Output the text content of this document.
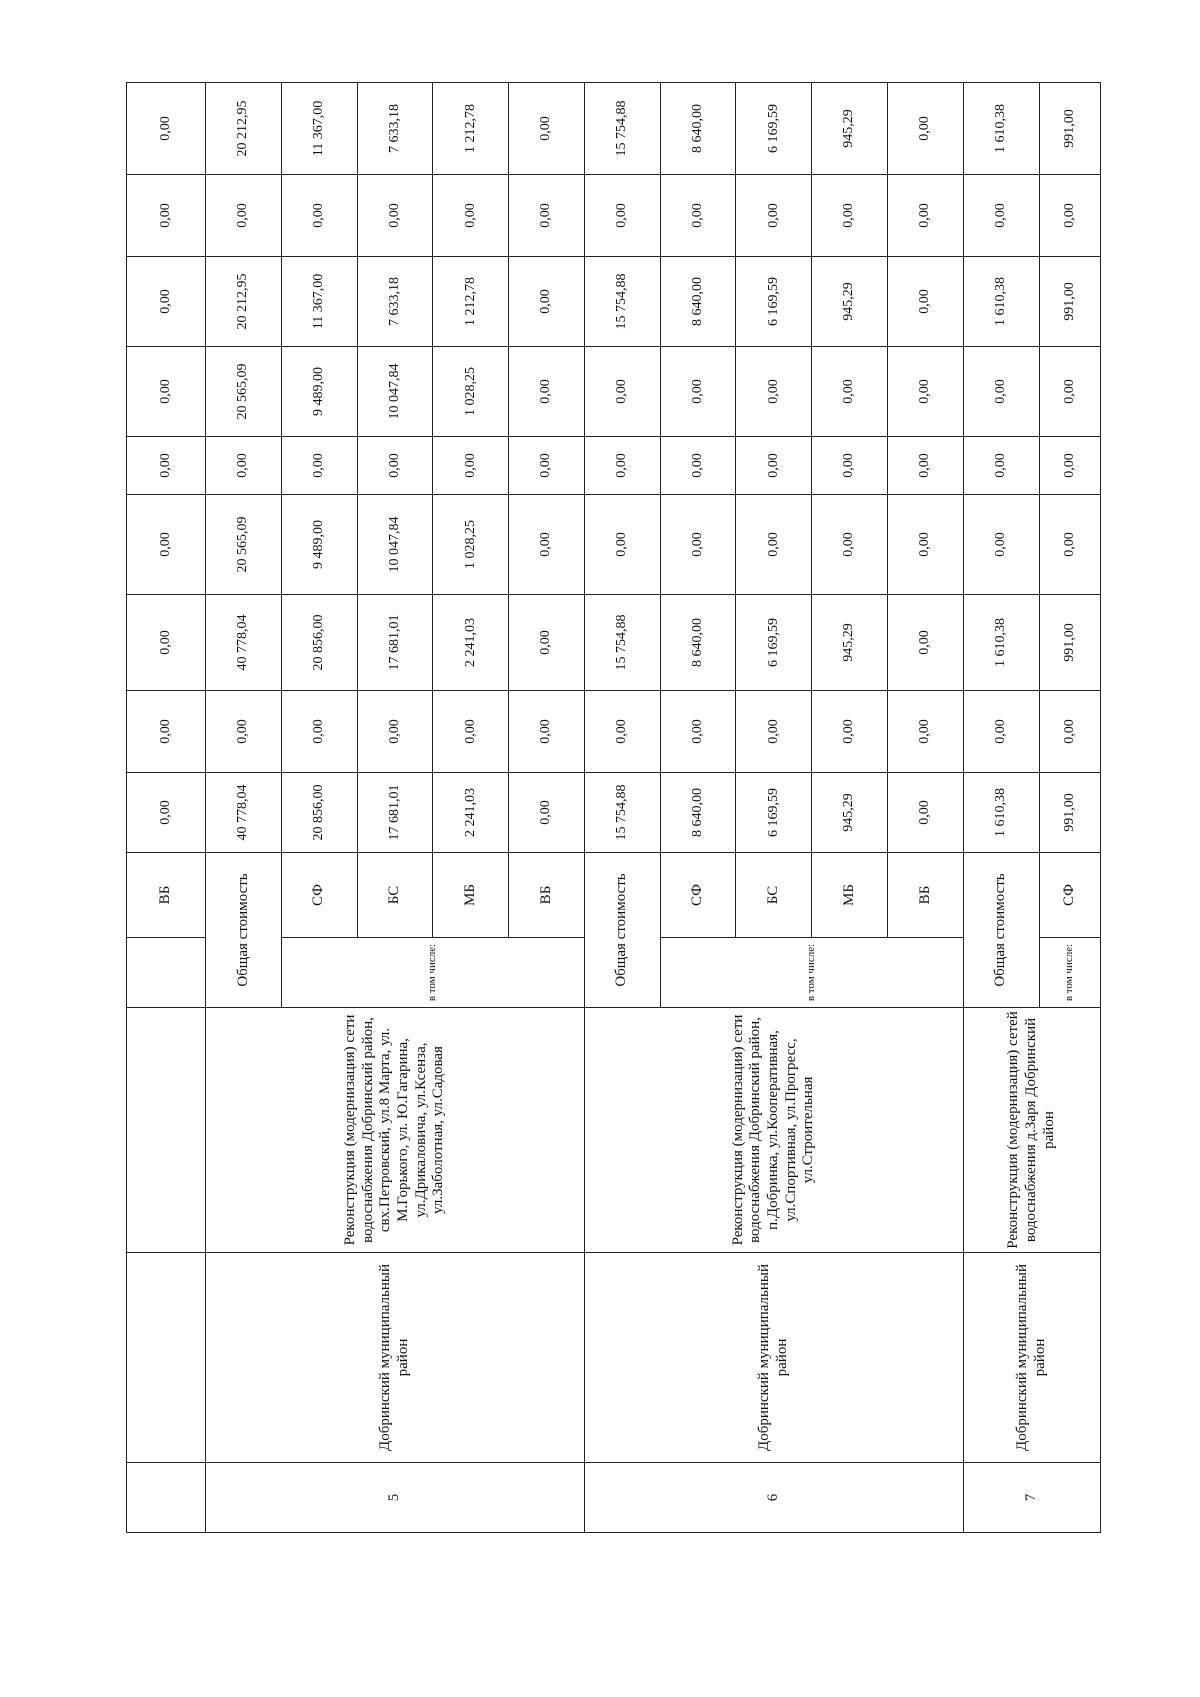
				ВБ	0,00	0,00	0,00	0,00	0,00	0,00	0,00	0,00	0,00
5	Добринский муниципальный район	Реконструкция (модернизация) сети водоснабжения Добринский район, свх.Петровский, ул.8 Марта, ул. М.Горького, ул. Ю.Гагарина, ул.Дрикаловича, ул.Ксенза, ул.Заболотная, ул.Садовая	Общая стоимость		40 778,04	0,00	40 778,04	20 565,09	0,00	20 565,09	20 212,95	0,00	20 212,95
			в том числе:	СФ	20 856,00	0,00	20 856,00	9 489,00	0,00	9 489,00	11 367,00	0,00	11 367,00
				БС	17 681,01	0,00	17 681,01	10 047,84	0,00	10 047,84	7 633,18	0,00	7 633,18
				МБ	2 241,03	0,00	2 241,03	1 028,25	0,00	1 028,25	1 212,78	0,00	1 212,78
				ВБ	0,00	0,00	0,00	0,00	0,00	0,00	0,00	0,00	0,00
6	Добринский муниципальный район	Реконструкция (модернизация) сети водоснабжения Добринский район, п.Добринка, ул.Кооперативная, ул.Спортивная, ул.Прогресс, ул.Строительная	Общая стоимость		15 754,88	0,00	15 754,88	0,00	0,00	0,00	15 754,88	0,00	15 754,88
			в том числе:	СФ	8 640,00	0,00	8 640,00	0,00	0,00	0,00	8 640,00	0,00	8 640,00
				БС	6 169,59	0,00	6 169,59	0,00	0,00	0,00	6 169,59	0,00	6 169,59
				МБ	945,29	0,00	945,29	0,00	0,00	0,00	945,29	0,00	945,29
				ВБ	0,00	0,00	0,00	0,00	0,00	0,00	0,00	0,00	0,00
7	Добринский муниципальный район	Реконструкция (модернизация) сетей водоснабжения д.Заря Добринский район	Общая стоимость		1 610,38	0,00	1 610,38	0,00	0,00	0,00	1 610,38	0,00	1 610,38
			в том числе:	СФ	991,00	0,00	991,00	0,00	0,00	0,00	991,00	0,00	991,00
